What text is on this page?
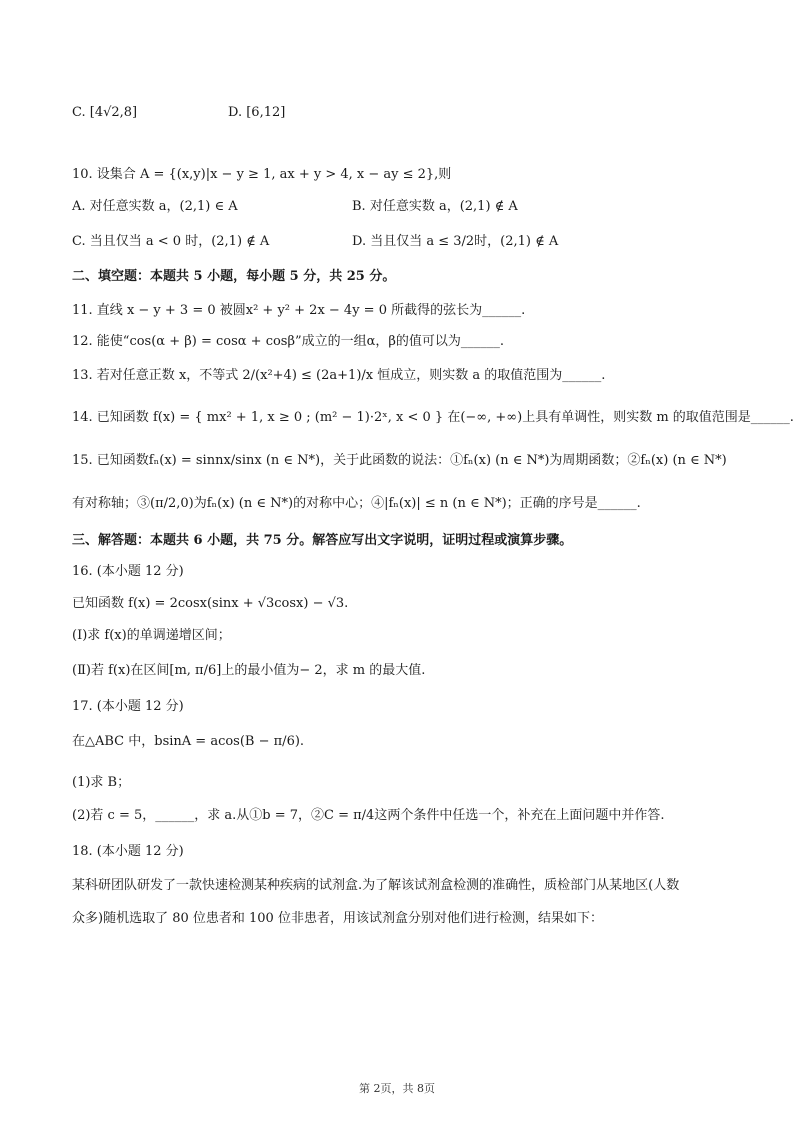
C. [4√2,8]	D. [6,12]
10. 设集合 A = {(x,y)|x − y ≥ 1, ax + y > 4, x − ay ≤ 2},则
A. 对任意实数 a，(2,1) ∈ A	B. 对任意实数 a，(2,1) ∉ A
C. 当且仅当 a < 0 时，(2,1) ∉ A	D. 当且仅当 a ≤ 3/2时，(2,1) ∉ A
二、填空题：本题共 5 小题，每小题 5 分，共 25 分。
11. 直线 x − y + 3 = 0 被圆x² + y² + 2x − 4y = 0 所截得的弦长为______.
12. 能使“cos(α + β) = cosα + cosβ”成立的一组α，β的值可以为______.
13. 若对任意正数 x，不等式 2/(x²+4) ≤ (2a+1)/x 恒成立，则实数 a 的取值范围为______.
14. 已知函数 f(x) = { mx² + 1, x ≥ 0 ; (m² − 1)·2ˣ, x < 0 } 在(−∞, +∞)上具有单调性，则实数 m 的取值范围是______.
15. 已知函数fₙ(x) = sinnx/sinx (n ∈ N*)，关于此函数的说法：①fₙ(x) (n ∈ N*)为周期函数；②fₙ(x) (n ∈ N*)
有对称轴；③(π/2,0)为fₙ(x) (n ∈ N*)的对称中心；④|fₙ(x)| ≤ n (n ∈ N*)；正确的序号是______.
三、解答题：本题共 6 小题，共 75 分。解答应写出文字说明，证明过程或演算步骤。
16. (本小题 12 分)
已知函数 f(x) = 2cosx(sinx + √3cosx) − √3.
(Ⅰ)求 f(x)的单调递增区间；
(Ⅱ)若 f(x)在区间[m, π/6]上的最小值为− 2，求 m 的最大值.
17. (本小题 12 分)
在△ABC 中，bsinA = acos(B − π/6).
(1)求 B；
(2)若 c = 5，______，求 a.从①b = 7，②C = π/4这两个条件中任选一个，补充在上面问题中并作答.
18. (本小题 12 分)
某科研团队研发了一款快速检测某种疾病的试剂盒.为了解该试剂盒检测的准确性，质检部门从某地区(人数
众多)随机选取了 80 位患者和 100 位非患者，用该试剂盒分别对他们进行检测，结果如下：
第 2页，共 8页
